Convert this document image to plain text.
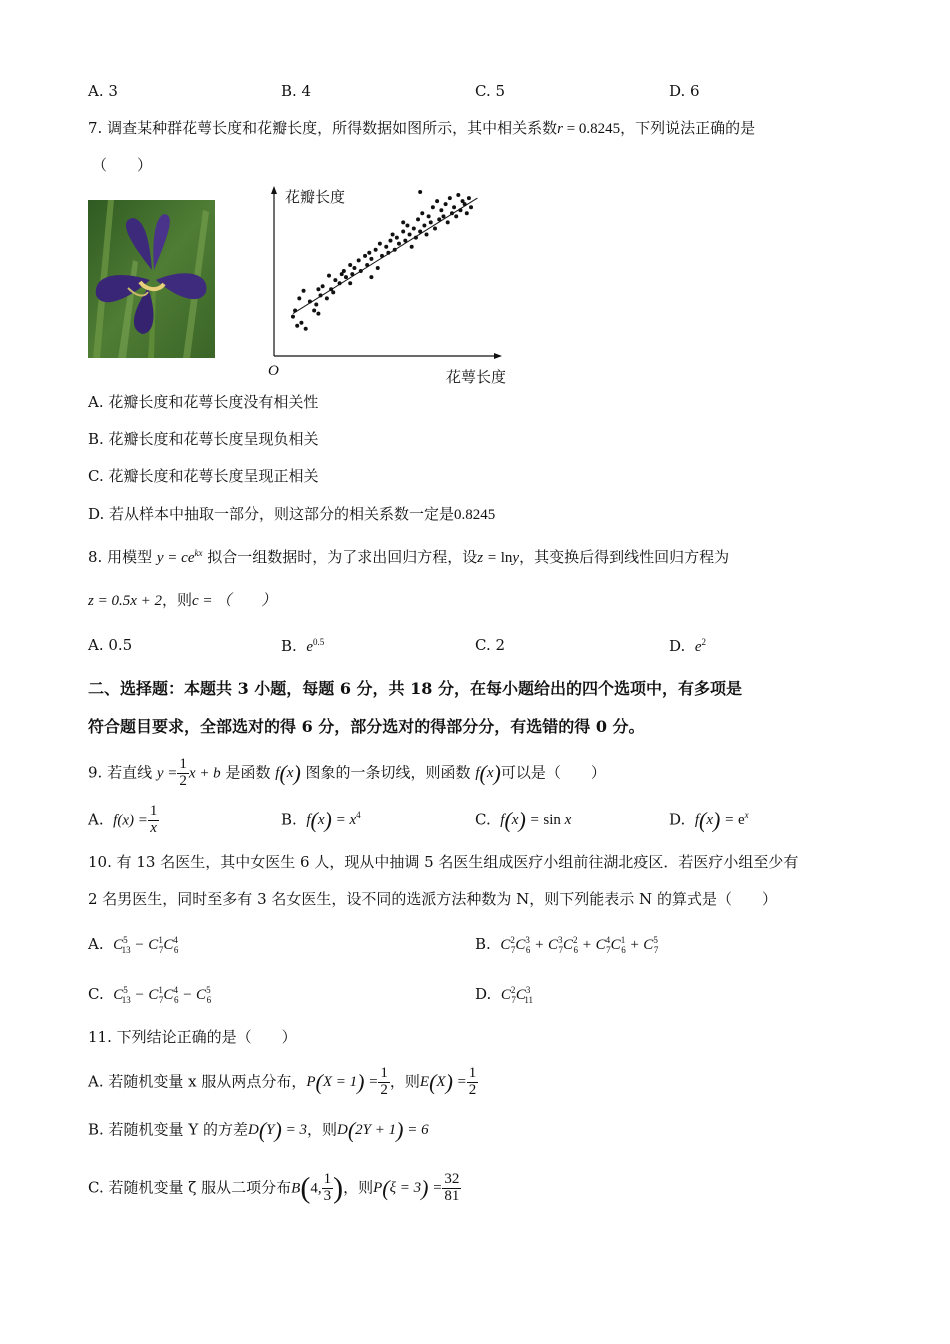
A. 3	B. 4	C. 5	D. 6
7. 调查某种群花萼长度和花瓣长度，所得数据如图所示，其中相关系数r = 0.8245，下列说法正确的是
（　　）
花瓣长度
O	花萼长度
A. 花瓣长度和花萼长度没有相关性
B. 花瓣长度和花萼长度呈现负相关
C. 花瓣长度和花萼长度呈现正相关
D. 若从样本中抽取一部分，则这部分的相关系数一定是0.8245
8. 用模型 $y = ce^{kx}$ 拟合一组数据时，为了求出回归方程，设z = lny，其变换后得到线性回归方程为
z = 0.5x + 2，则c = （　　）
A. 0.5	B. $e^{0.5}$	C. 2	D. $e^2$
二、选择题：本题共 3 小题，每题 6 分，共 18 分，在每小题给出的四个选项中，有多项是
符合题目要求，全部选对的得 6 分，部分选对的得部分分，有选错的得 0 分。
9. 若直线 $y = \frac{1}{2}$ x + b 是函数 f(x) 图象的一条切线，则函数 f(x)可以是（　　）
A. $f(x) = \frac{1}{x}$	B. $f(x) = x^4$	C. f(x) = sin x	D. $f(x) = e^x$
10. 有 13 名医生，其中女医生 6 人，现从中抽调 5 名医生组成医疗小组前往湖北疫区．若医疗小组至少有
2 名男医生，同时至多有 3 名女医生，设不同的选派方法种数为 N，则下列能表示 N 的算式是（　　）
A. $C^5_{13} - C^1_7C^4_6$	B. $C^2_7C^3_6 + C^3_7C^2_6 + C^4_7C^1_6 + C^5_7$
C. $C^5_{13} - C^1_7C^4_6 - C^5_6$	D. $C^2_7C^3_{11}$
11. 下列结论正确的是（　　）
A. 若随机变量 x 服从两点分布，$P(X = 1) = \frac{1}{2}$ ，则$E(X) = \frac{1}{2}$
B. 若随机变量 Y 的方差D(Y) = 3，则D(2Y + 1) = 6
C. 若随机变量 ζ 服从二项分布B(4, $\frac{1}{3}$ )，则$P(\xi = 3) = \frac{32}{81}$
